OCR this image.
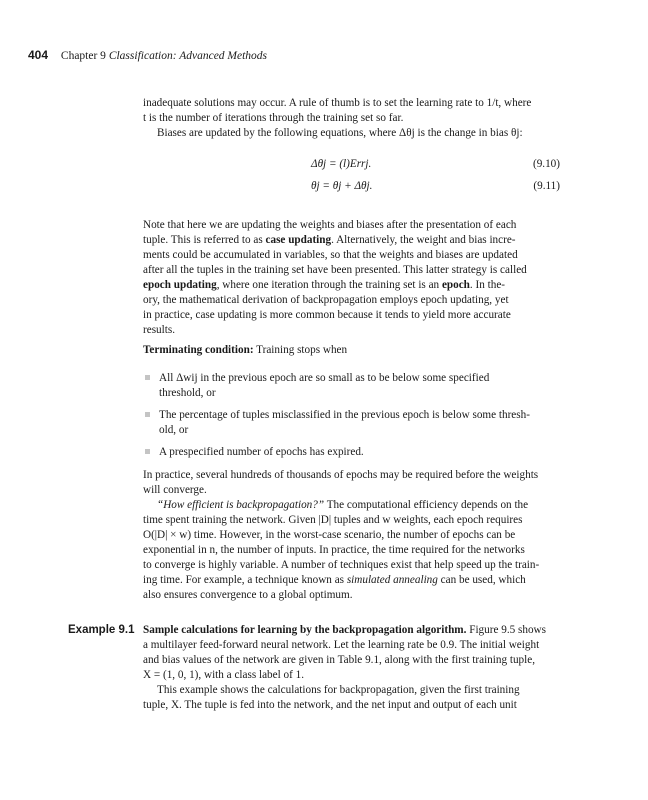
404 Chapter 9 Classification: Advanced Methods

inadequate solutions may occur. A rule of thumb is to set the learning rate to 1/t, where
t is the number of iterations through the training set so far.

Biases are updated by the following equations, where Δθj is the change in bias θj:

Δθj = (l)Errj.	(9.10)
θj = θj + Δθj.	(9.11)
Note that here we are updating the weights and biases after the presentation of each
tuple. This is referred to as case updating. Alternatively, the weight and bias incre-
ments could be accumulated in variables, so that the weights and biases are updated
after all the tuples in the training set have been presented. This latter strategy is called
epoch updating, where one iteration through the training set is an epoch. In the-
ory, the mathematical derivation of backpropagation employs epoch updating, yet
in practice, case updating is more common because it tends to yield more accurate
results.

Terminating condition: Training stops when

All Δwij in the previous epoch are so small as to be below some specified
threshold, or
The percentage of tuples misclassified in the previous epoch is below some thresh-
old, or
A prespecified number of epochs has expired.
In practice, several hundreds of thousands of epochs may be required before the weights
will converge.
“How efficient is backpropagation?” The computational efficiency depends on the
time spent training the network. Given |D| tuples and w weights, each epoch requires
O(|D| × w) time. However, in the worst-case scenario, the number of epochs can be
exponential in n, the number of inputs. In practice, the time required for the networks
to converge is highly variable. A number of techniques exist that help speed up the train-
ing time. For example, a technique known as simulated annealing can be used, which
also ensures convergence to a global optimum.
Example 9.1 Sample calculations for learning by the backpropagation algorithm. Figure 9.5 shows
a multilayer feed-forward neural network. Let the learning rate be 0.9. The initial weight
and bias values of the network are given in Table 9.1, along with the first training tuple,
X = (1, 0, 1), with a class label of 1.
This example shows the calculations for backpropagation, given the first training
tuple, X. The tuple is fed into the network, and the net input and output of each unit
